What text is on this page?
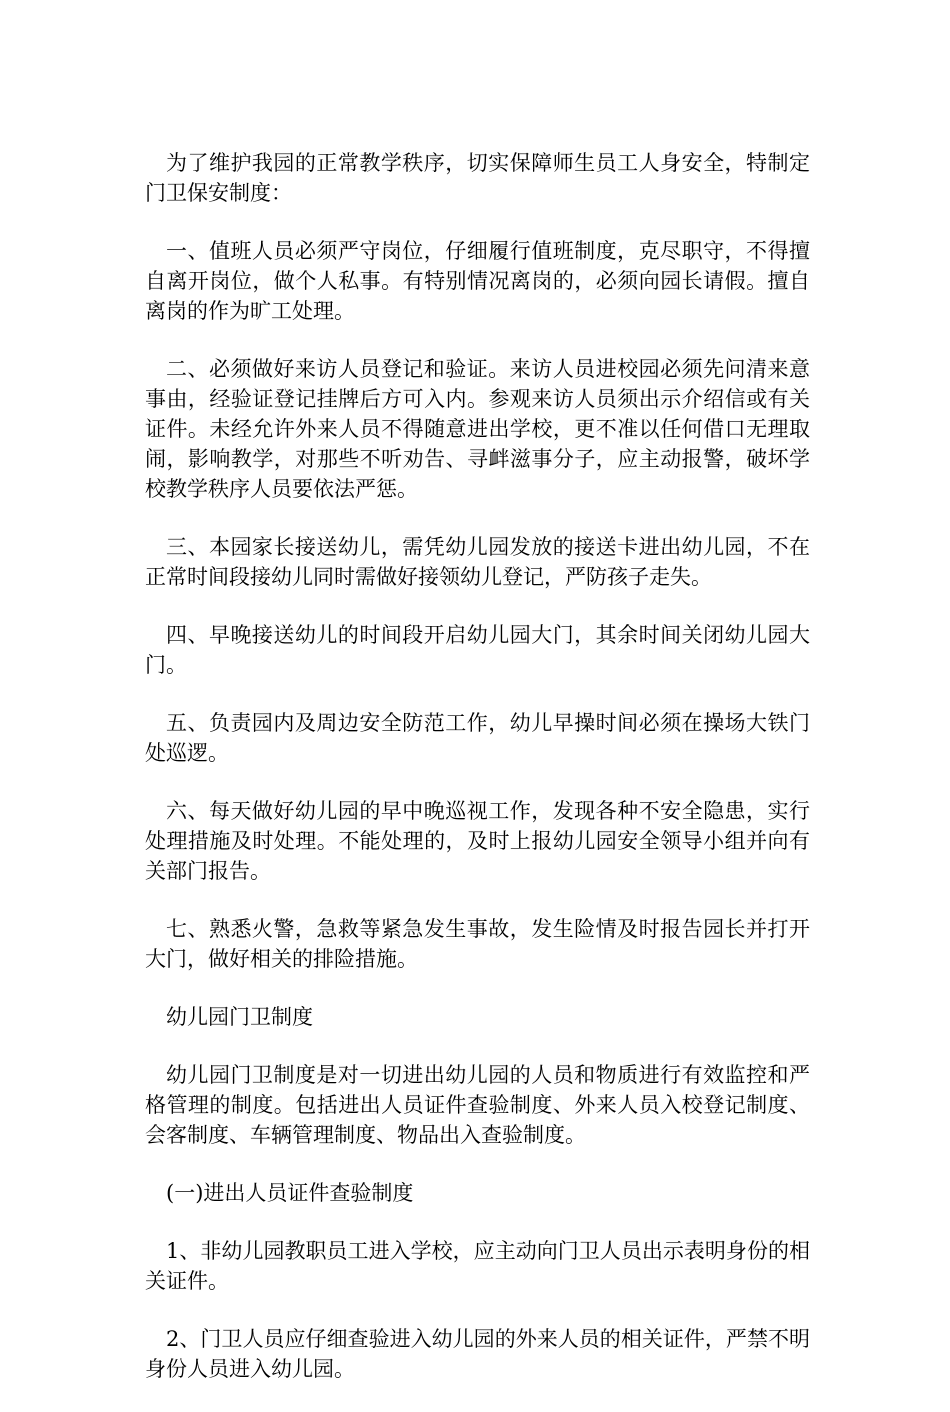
为了维护我园的正常教学秩序，切实保障师生员工人身安全，特制定门卫保安制度：

一、值班人员必须严守岗位，仔细履行值班制度，克尽职守，不得擅自离开岗位，做个人私事。有特别情况离岗的，必须向园长请假。擅自离岗的作为旷工处理。

二、必须做好来访人员登记和验证。来访人员进校园必须先问清来意事由，经验证登记挂牌后方可入内。参观来访人员须出示介绍信或有关证件。未经允许外来人员不得随意进出学校，更不准以任何借口无理取闹，影响教学，对那些不听劝告、寻衅滋事分子，应主动报警，破坏学校教学秩序人员要依法严惩。

三、本园家长接送幼儿，需凭幼儿园发放的接送卡进出幼儿园，不在正常时间段接幼儿同时需做好接领幼儿登记，严防孩子走失。

四、早晚接送幼儿的时间段开启幼儿园大门，其余时间关闭幼儿园大门。

五、负责园内及周边安全防范工作，幼儿早操时间必须在操场大铁门处巡逻。

六、每天做好幼儿园的早中晚巡视工作，发现各种不安全隐患，实行处理措施及时处理。不能处理的，及时上报幼儿园安全领导小组并向有关部门报告。

七、熟悉火警，急救等紧急发生事故，发生险情及时报告园长并打开大门，做好相关的排险措施。

幼儿园门卫制度

幼儿园门卫制度是对一切进出幼儿园的人员和物质进行有效监控和严格管理的制度。包括进出人员证件查验制度、外来人员入校登记制度、会客制度、车辆管理制度、物品出入查验制度。

(一)进出人员证件查验制度

1、非幼儿园教职员工进入学校，应主动向门卫人员出示表明身份的相关证件。

2、门卫人员应仔细查验进入幼儿园的外来人员的相关证件，严禁不明身份人员进入幼儿园。
